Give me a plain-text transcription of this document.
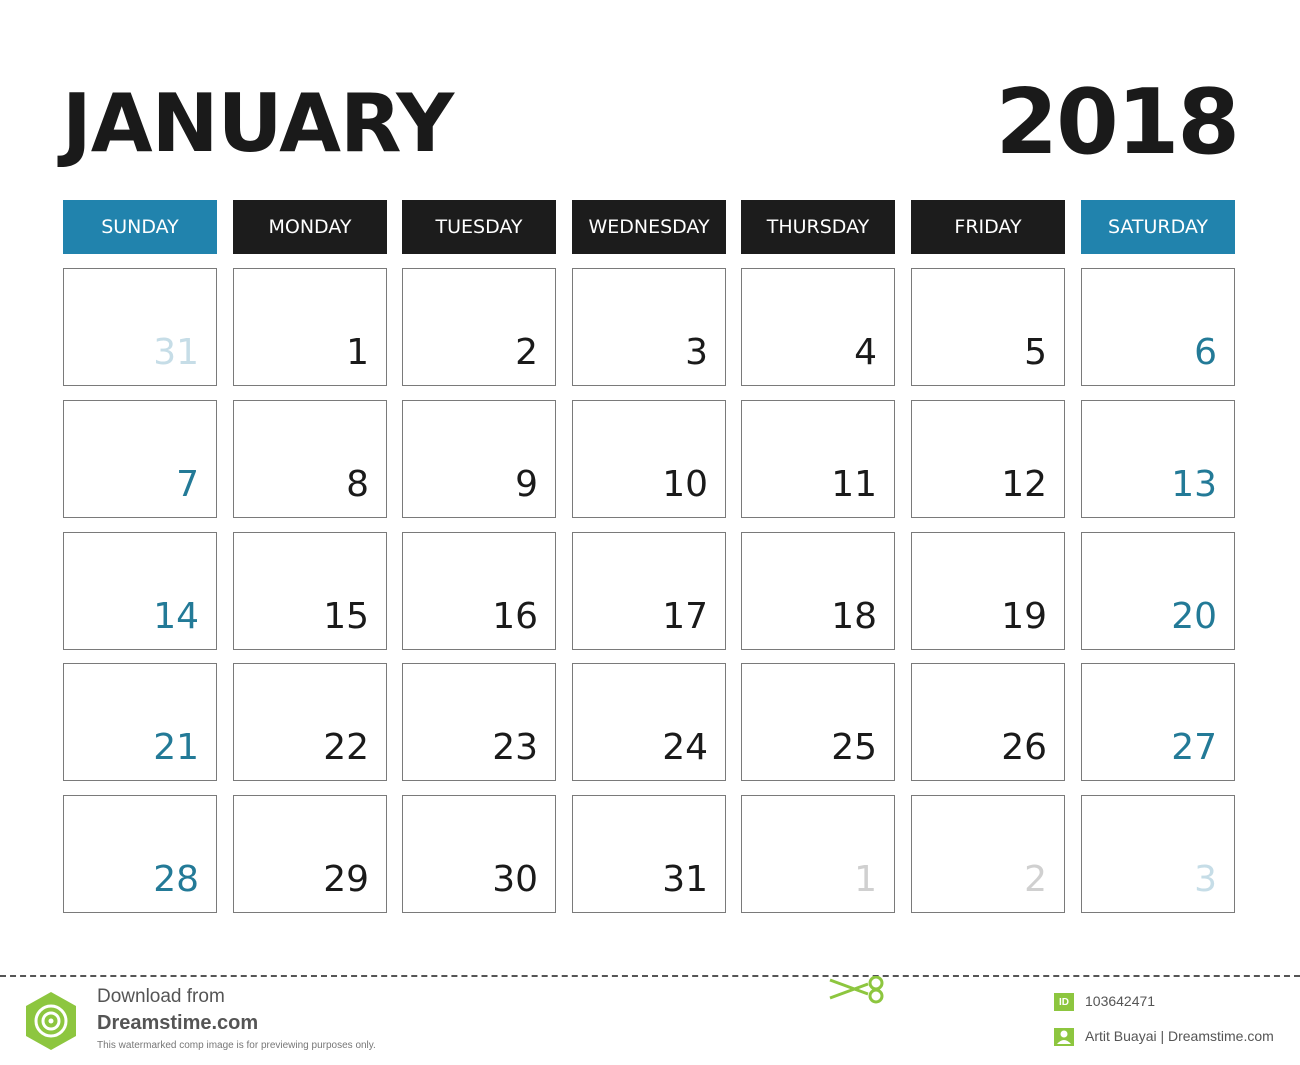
JANUARY	2018
SUNDAY	MONDAY	TUESDAY	WEDNESDAY	THURSDAY	FRIDAY	SATURDAY
31	1	2	3	4	5	6
7	8	9	10	11	12	13
14	15	16	17	18	19	20
21	22	23	24	25	26	27
28	29	30	31	1	2	3
Download from
Dreamstime.com
This watermarked comp image is for previewing purposes only.
ID	103642471
Artit Buayai | Dreamstime.com
